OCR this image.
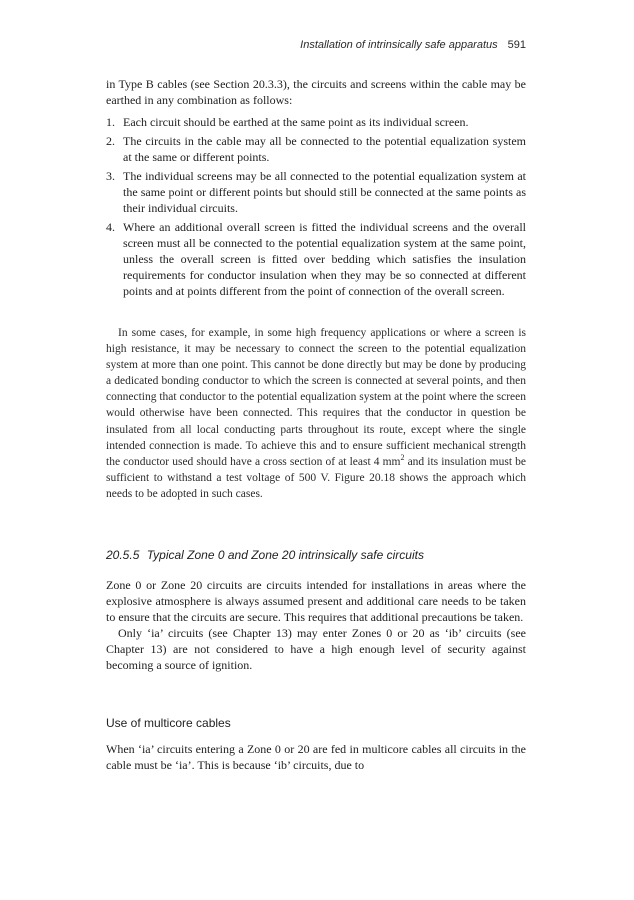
Installation of intrinsically safe apparatus 591

in Type B cables (see Section 20.3.3), the circuits and screens within the cable may be earthed in any combination as follows:

1. Each circuit should be earthed at the same point as its individual screen.
2. The circuits in the cable may all be connected to the potential equalization system at the same or different points.
3. The individual screens may be all connected to the potential equalization system at the same point or different points but should still be connected at the same points as their individual circuits.
4. Where an additional overall screen is fitted the individual screens and the overall screen must all be connected to the potential equalization system at the same point, unless the overall screen is fitted over bedding which satisfies the insulation requirements for conductor insulation when they may be so connected at different points and at points different from the point of connection of the overall screen.

In some cases, for example, in some high frequency applications or where a screen is high resistance, it may be necessary to connect the screen to the potential equalization system at more than one point. This cannot be done directly but may be done by producing a dedicated bonding conductor to which the screen is connected at several points, and then connecting that conductor to the potential equalization system at the point where the screen would otherwise have been connected. This requires that the conductor in question be insulated from all local conducting parts throughout its route, except where the single intended connection is made. To achieve this and to ensure sufficient mechanical strength the conductor used should have a cross section of at least 4 $mm^2$ and its insulation must be sufficient to withstand a test voltage of 500 V. Figure 20.18 shows the approach which needs to be adopted in such cases.

20.5.5 Typical Zone 0 and Zone 20 intrinsically safe circuits

Zone 0 or Zone 20 circuits are circuits intended for installations in areas where the explosive atmosphere is always assumed present and additional care needs to be taken to ensure that the circuits are secure. This requires that additional precautions be taken.

Only ‘ia’ circuits (see Chapter 13) may enter Zones 0 or 20 as ‘ib’ circuits (see Chapter 13) are not considered to have a high enough level of security against becoming a source of ignition.

Use of multicore cables

When ‘ia’ circuits entering a Zone 0 or 20 are fed in multicore cables all circuits in the cable must be ‘ia’. This is because ‘ib’ circuits, due to
